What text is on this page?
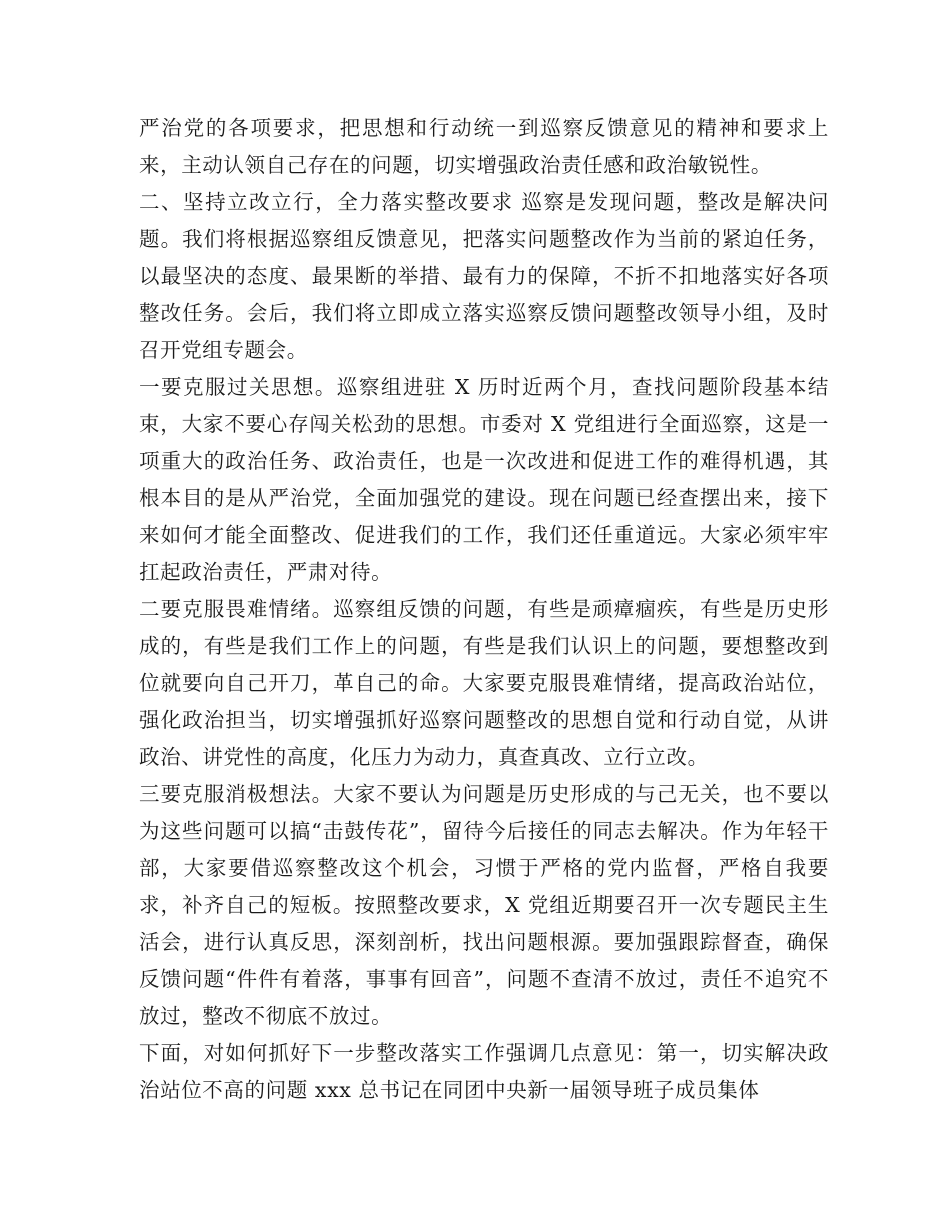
严治党的各项要求，把思想和行动统一到巡察反馈意见的精神和要求上来，主动认领自己存在的问题，切实增强政治责任感和政治敏锐性。

二、坚持立改立行，全力落实整改要求 巡察是发现问题，整改是解决问题。我们将根据巡察组反馈意见，把落实问题整改作为当前的紧迫任务，以最坚决的态度、最果断的举措、最有力的保障，不折不扣地落实好各项整改任务。会后，我们将立即成立落实巡察反馈问题整改领导小组，及时召开党组专题会。

一要克服过关思想。巡察组进驻 X 历时近两个月，查找问题阶段基本结束，大家不要心存闯关松劲的思想。市委对 X 党组进行全面巡察，这是一项重大的政治任务、政治责任，也是一次改进和促进工作的难得机遇，其根本目的是从严治党，全面加强党的建设。现在问题已经查摆出来，接下来如何才能全面整改、促进我们的工作，我们还任重道远。大家必须牢牢扛起政治责任，严肃对待。

二要克服畏难情绪。巡察组反馈的问题，有些是顽瘴痼疾，有些是历史形成的，有些是我们工作上的问题，有些是我们认识上的问题，要想整改到位就要向自己开刀，革自己的命。大家要克服畏难情绪，提高政治站位，强化政治担当，切实增强抓好巡察问题整改的思想自觉和行动自觉，从讲政治、讲党性的高度，化压力为动力，真查真改、立行立改。

三要克服消极想法。大家不要认为问题是历史形成的与己无关，也不要以为这些问题可以搞“击鼓传花”，留待今后接任的同志去解决。作为年轻干部，大家要借巡察整改这个机会，习惯于严格的党内监督，严格自我要求，补齐自己的短板。按照整改要求，X 党组近期要召开一次专题民主生活会，进行认真反思，深刻剖析，找出问题根源。要加强跟踪督查，确保反馈问题“件件有着落，事事有回音”，问题不查清不放过，责任不追究不放过，整改不彻底不放过。

下面，对如何抓好下一步整改落实工作强调几点意见：第一，切实解决政治站位不高的问题 xxx 总书记在同团中央新一届领导班子成员集体
